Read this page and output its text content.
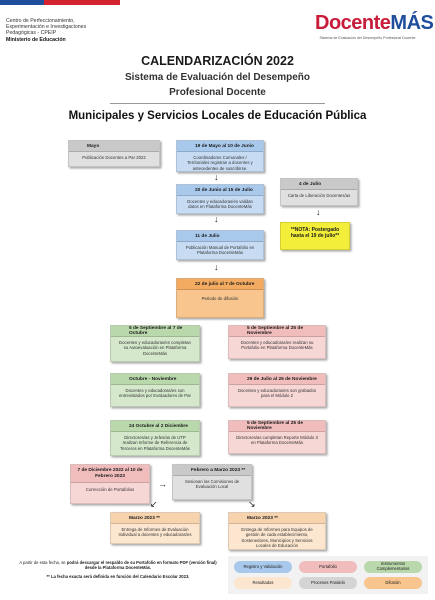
Centro de Perfeccionamiento,
Experimentación e Investigaciones
Pedagógicas - CPEIP
Ministerio de Educación
DocenteMÁS
Sistema de Evaluación del Desempeño Profesional Docente
CALENDARIZACIÓN 2022
Sistema de Evaluación del Desempeño
Profesional Docente
Municipales y Servicios Locales de Educación Pública
Mayo
Publicación Docentes a Par 2022
19 de Mayo al 10 de Junio
Coordinadores Comunales / Territoriales registran a docentes y antecedentes de suscribirse.
↓
20 de Junio al 15 de Julio
Docentes y educadoras/es validan datos en Plataforma DocenteMás
4 de Julio
Carta de Liberación Docentes/as
↓
↓
11 de Julio
Publicación Manual de Portafolio en Plataforma DocenteMás
**NOTA: Postergado
hasta el 19 de julio**
↓
22 de julio al 7 de Octubre
Periodo de difusión
5 de Septiembre al 7 de Octubre
Docentes y educadoras/es completan su Autoevaluación en Plataforma DocenteMás
5 de Septiembre al 25 de Noviembre
Docentes y educadoras/es realizan su Portafolio en Plataforma DocenteMás
Octubre - Noviembre
Docentes y educadoras/es son entrevistados por Evaluadores de Par
29 de Julio al 25 de Noviembre
Docentes y educadoras/es son grabados para el Módulo 2
24 Octubre al 2 Diciembre
Directores/as y Jefes/as de UTP realizan Informe de Referencia de Terceros en Plataforma DocenteMás
5 de Septiembre al 25 de Noviembre
Directores/as completan Reporte Módulo 3 en Plataforma DocenteMás
7 de Diciembre 2022 al 10 de Febrero 2023
Corrección de Portafolios
→
Febrero a Marzo 2023 **
Sesionan las Comisiones de Evaluación Local
↙	↘
Marzo 2023 **
Entrega de Informes de Evaluación Individual a docentes y educadoras/es
Marzo 2023 **
Entrega de Informes para Equipos de gestión de cada establecimiento, Sostenedores, Municipios y Servicios Locales de Educación
A partir de esta fecha, se podrá descargar el respaldo de su Portafolio en formato PDF (versión final) desde la Plataforma DocenteMás.
** La fecha exacta será definida en función del Calendario Escolar 2023.
Registro y Validación	Portafolio	Instrumentos Complementarios
Resultados	Procesos Paralelo	Difusión
